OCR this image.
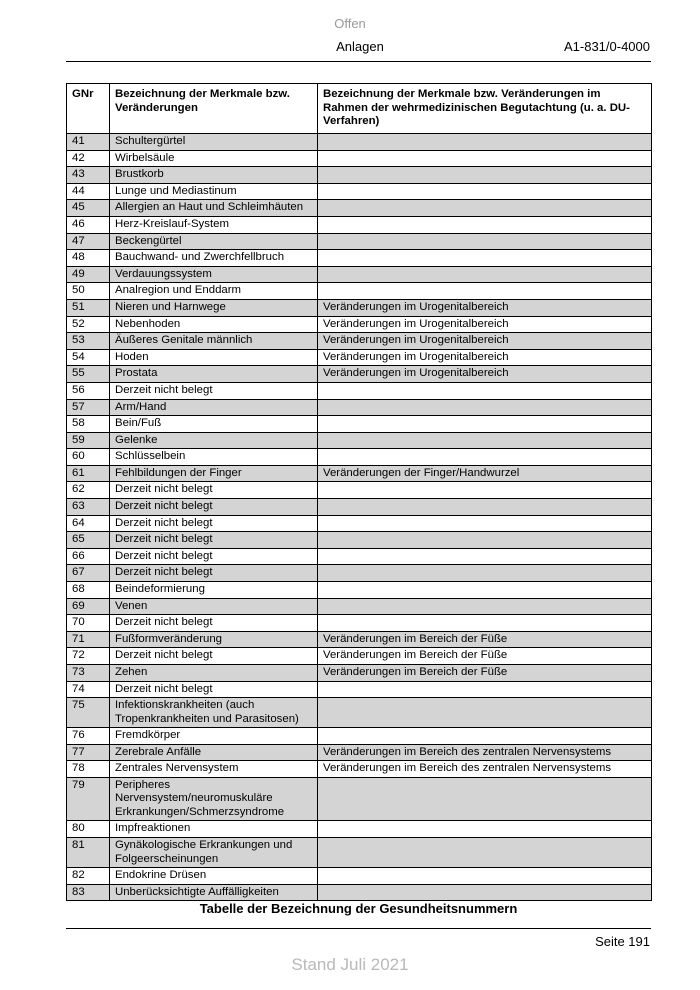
Offen
Anlagen	A1-831/0-4000
GNr	Bezeichnung der Merkmale bzw. Veränderungen	Bezeichnung der Merkmale bzw. Veränderungen im Rahmen der wehrmedizinischen Begutachtung (u. a. DU-Verfahren)
41	Schultergürtel	
42	Wirbelsäule	
43	Brustkorb	
44	Lunge und Mediastinum	
45	Allergien an Haut und Schleimhäuten	
46	Herz-Kreislauf-System	
47	Beckengürtel	
48	Bauchwand- und Zwerchfellbruch	
49	Verdauungssystem	
50	Analregion und Enddarm	
51	Nieren und Harnwege	Veränderungen im Urogenitalbereich
52	Nebenhoden	Veränderungen im Urogenitalbereich
53	Äußeres Genitale männlich	Veränderungen im Urogenitalbereich
54	Hoden	Veränderungen im Urogenitalbereich
55	Prostata	Veränderungen im Urogenitalbereich
56	Derzeit nicht belegt	
57	Arm/Hand	
58	Bein/Fuß	
59	Gelenke	
60	Schlüsselbein	
61	Fehlbildungen der Finger	Veränderungen der Finger/Handwurzel
62	Derzeit nicht belegt	
63	Derzeit nicht belegt	
64	Derzeit nicht belegt	
65	Derzeit nicht belegt	
66	Derzeit nicht belegt	
67	Derzeit nicht belegt	
68	Beindeformierung	
69	Venen	
70	Derzeit nicht belegt	
71	Fußformveränderung	Veränderungen im Bereich der Füße
72	Derzeit nicht belegt	Veränderungen im Bereich der Füße
73	Zehen	Veränderungen im Bereich der Füße
74	Derzeit nicht belegt	
75	Infektionskrankheiten (auch Tropenkrankheiten und Parasitosen)	
76	Fremdkörper	
77	Zerebrale Anfälle	Veränderungen im Bereich des zentralen Nervensystems
78	Zentrales Nervensystem	Veränderungen im Bereich des zentralen Nervensystems
79	Peripheres Nervensystem/neuromuskuläre Erkrankungen/Schmerzsyndrome	
80	Impfreaktionen	
81	Gynäkologische Erkrankungen und Folgeerscheinungen	
82	Endokrine Drüsen	
83	Unberücksichtigte Auffälligkeiten	
Tabelle der Bezeichnung der Gesundheitsnummern
Seite 191
Stand Juli 2021
